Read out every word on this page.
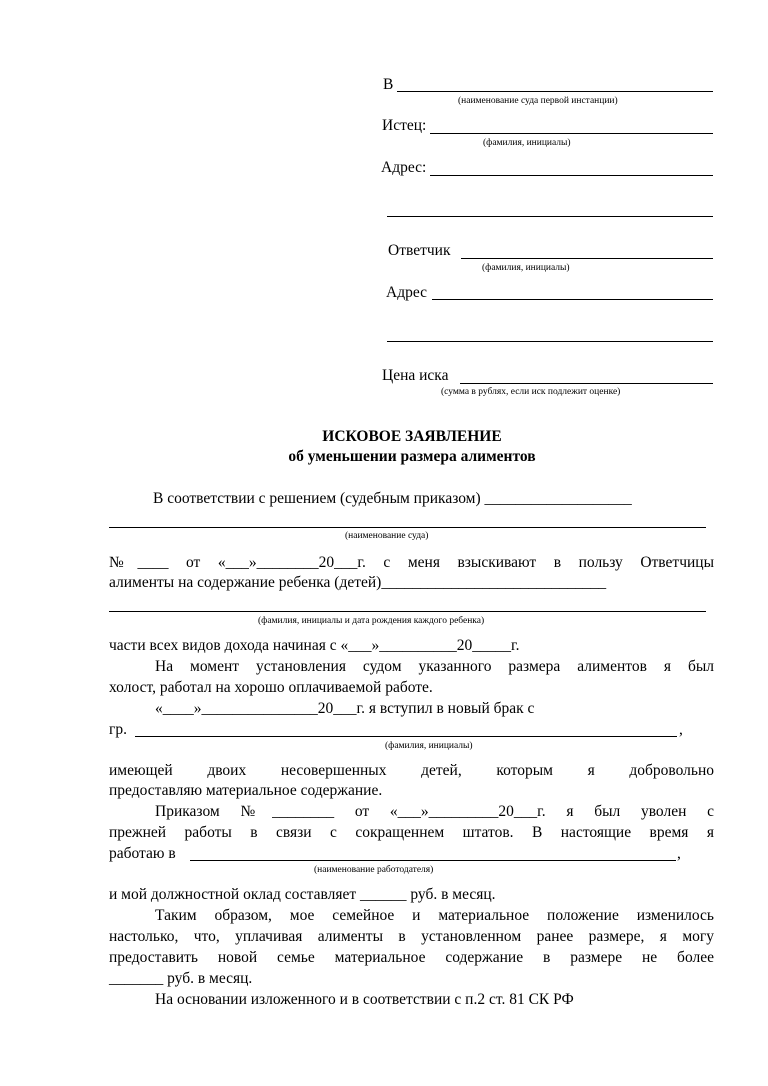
В
(наименование суда первой инстанции)
Истец:
(фамилия, инициалы)
Адрес:
Ответчик
(фамилия, инициалы)
Адрес
Цена иска
(сумма в рублях, если иск подлежит оценке)
ИСКОВОЕ ЗАЯВЛЕНИЕ
об уменьшении размера алиментов
В соответствии с решением (судебным приказом) ___________________
(наименование суда)
№____ от «___»________20___г. с меня взыскивают в пользу Ответчицы
алименты на содержание ребенка (детей)_____________________________
(фамилия, инициалы и дата рождения каждого ребенка)
части всех видов дохода начиная с «___»__________20_____г.
На момент установления судом указанного размера алиментов я был
холост, работал на хорошо оплачиваемой работе.
«____»_______________20___г. я вступил в новый брак с
гр.	,
(фамилия, инициалы)
имеющей двоих несовершенных детей, которым я добровольно
предоставляю материальное содержание.
Приказом №________ от «___»_________20___г. я был уволен с
прежней работы в связи с сокращеннем штатов. В настоящие время я
работаю в	,
(наименование работодателя)
и мой должностной оклад составляет ______ руб. в месяц.
Таким образом, мое семейное и материальное положение изменилось
настолько, что, уплачивая алименты в установленном ранее размере, я могу
предоставить новой семье материальное содержание в размере не более
_______ руб. в месяц.
На основании изложенного и в соответствии с п.2 ст. 81 СК РФ
